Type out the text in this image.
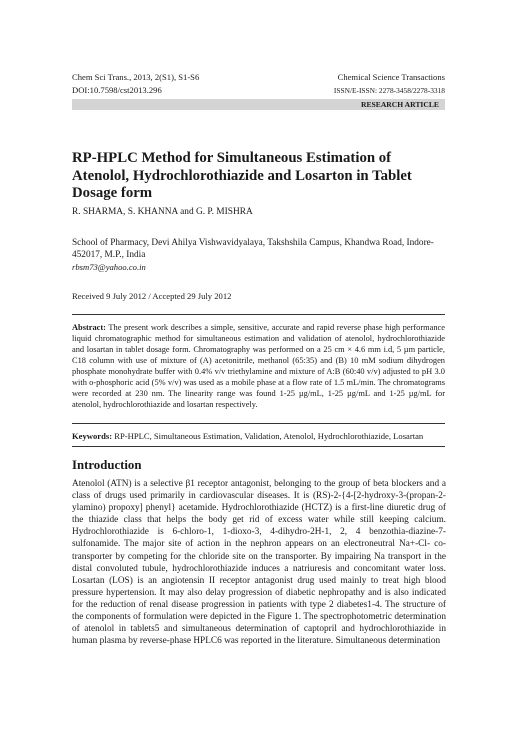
Chem Sci Trans., 2013, 2(S1), S1-S6
DOI:10.7598/cst2013.296
Chemical Science Transactions
ISSN/E-ISSN: 2278-3458/2278-3318
RESEARCH ARTICLE
RP-HPLC Method for Simultaneous Estimation of Atenolol, Hydrochlorothiazide and Losarton in Tablet Dosage form
R. SHARMA, S. KHANNA and G. P. MISHRA
School of Pharmacy, Devi Ahilya Vishwavidyalaya, Takshshila Campus, Khandwa Road, Indore-452017, M.P., India
rbsm73@yahoo.co.in
Received 9 July 2012 / Accepted 29 July 2012
Abstract: The present work describes a simple, sensitive, accurate and rapid reverse phase high performance liquid chromatographic method for simultaneous estimation and validation of atenolol, hydrochlorothiazide and losartan in tablet dosage form. Chromatography was performed on a 25 cm × 4.6 mm i.d, 5 µm particle, C18 column with use of mixture of (A) acetonitrile, methanol (65:35) and (B) 10 mM sodium dihydrogen phosphate monohydrate buffer with 0.4% v/v triethylamine and mixture of A:B (60:40 v/v) adjusted to pH 3.0 with o-phosphoric acid (5% v/v) was used as a mobile phase at a flow rate of 1.5 mL/min. The chromatograms were recorded at 230 nm. The linearity range was found 1-25 µg/mL, 1-25 µg/mL and 1-25 µg/mL for atenolol, hydrochlorothiazide and losartan respectively.
Keywords: RP-HPLC, Simultaneous Estimation, Validation, Atenolol, Hydrochlorothiazide, Losartan
Introduction
Atenolol (ATN) is a selective β1 receptor antagonist, belonging to the group of beta blockers and a class of drugs used primarily in cardiovascular diseases. It is (RS)-2-{4-[2-hydroxy-3-(propan-2-ylamino) propoxy] phenyl} acetamide. Hydrochlorothiazide (HCTZ) is a first-line diuretic drug of the thiazide class that helps the body get rid of excess water while still keeping calcium. Hydrochlorothiazide is 6-chloro-1, 1-dioxo-3, 4-dihydro-2H-1, 2, 4 benzothia-diazine-7-sulfonamide. The major site of action in the nephron appears on an electroneutral Na+-Cl- co-transporter by competing for the chloride site on the transporter. By impairing Na transport in the distal convoluted tubule, hydrochlorothiazide induces a natriuresis and concomitant water loss. Losartan (LOS) is an angiotensin II receptor antagonist drug used mainly to treat high blood pressure hypertension. It may also delay progression of diabetic nephropathy and is also indicated for the reduction of renal disease progression in patients with type 2 diabetes1-4. The structure of the components of formulation were depicted in the Figure 1. The spectrophotometric determination of atenolol in tablets5 and simultaneous determination of captopril and hydrochlorothiazide in human plasma by reverse-phase HPLC6 was reported in the literature. Simultaneous determination
